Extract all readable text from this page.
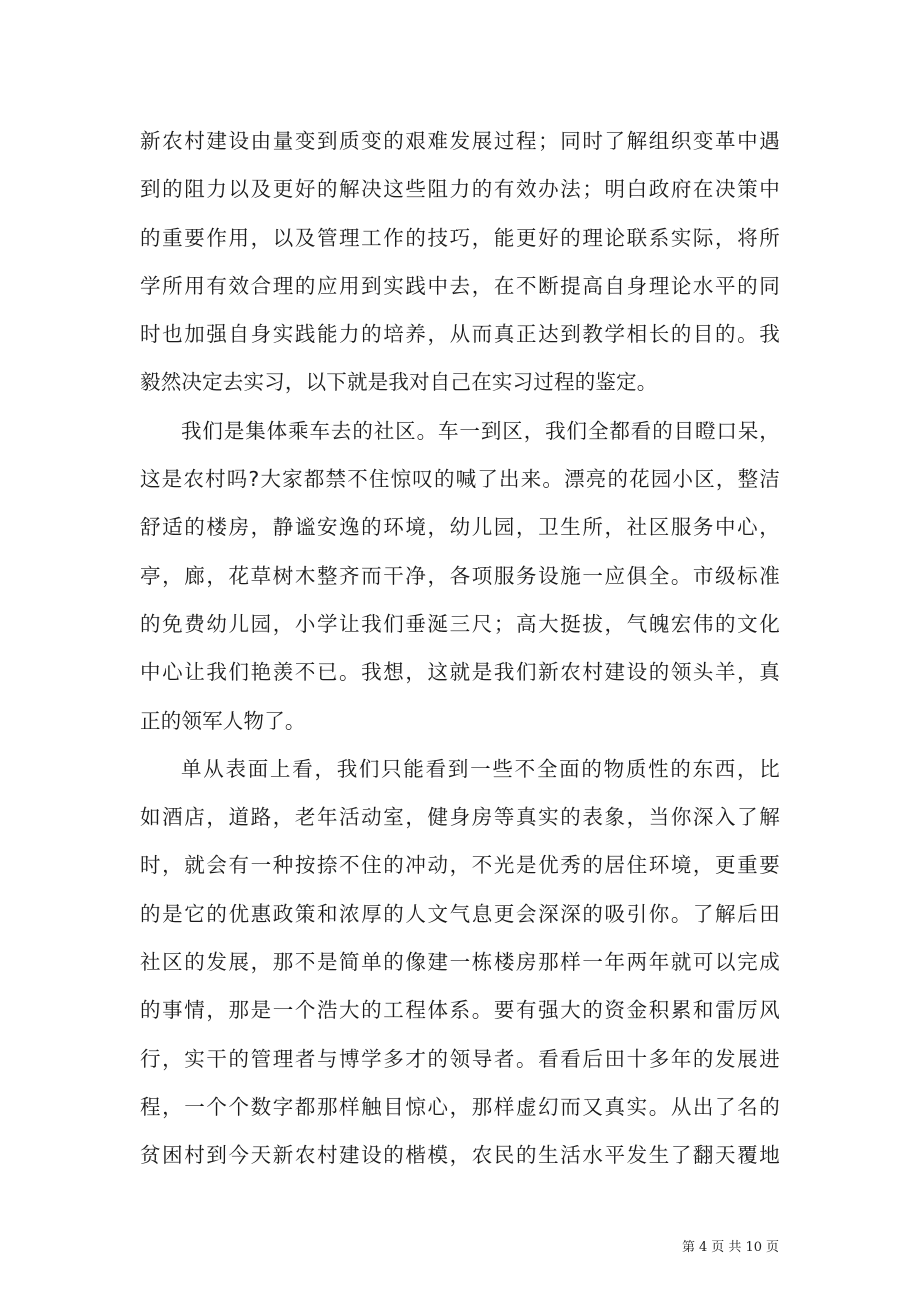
新农村建设由量变到质变的艰难发展过程；同时了解组织变革中遇
到的阻力以及更好的解决这些阻力的有效办法；明白政府在决策中
的重要作用，以及管理工作的技巧，能更好的理论联系实际，将所
学所用有效合理的应用到实践中去，在不断提高自身理论水平的同
时也加强自身实践能力的培养，从而真正达到教学相长的目的。我
毅然决定去实习，以下就是我对自己在实习过程的鉴定。
我们是集体乘车去的社区。车一到区，我们全都看的目瞪口呆，
这是农村吗?大家都禁不住惊叹的喊了出来。漂亮的花园小区，整洁
舒适的楼房，静谧安逸的环境，幼儿园，卫生所，社区服务中心，
亭，廊，花草树木整齐而干净，各项服务设施一应俱全。市级标准
的免费幼儿园，小学让我们垂涎三尺；高大挺拔，气魄宏伟的文化
中心让我们艳羡不已。我想，这就是我们新农村建设的领头羊，真
正的领军人物了。
单从表面上看，我们只能看到一些不全面的物质性的东西，比
如酒店，道路，老年活动室，健身房等真实的表象，当你深入了解
时，就会有一种按捺不住的冲动，不光是优秀的居住环境，更重要
的是它的优惠政策和浓厚的人文气息更会深深的吸引你。了解后田
社区的发展，那不是简单的像建一栋楼房那样一年两年就可以完成
的事情，那是一个浩大的工程体系。要有强大的资金积累和雷厉风
行，实干的管理者与博学多才的领导者。看看后田十多年的发展进
程，一个个数字都那样触目惊心，那样虚幻而又真实。从出了名的
贫困村到今天新农村建设的楷模，农民的生活水平发生了翻天覆地
第 4 页 共 10 页
